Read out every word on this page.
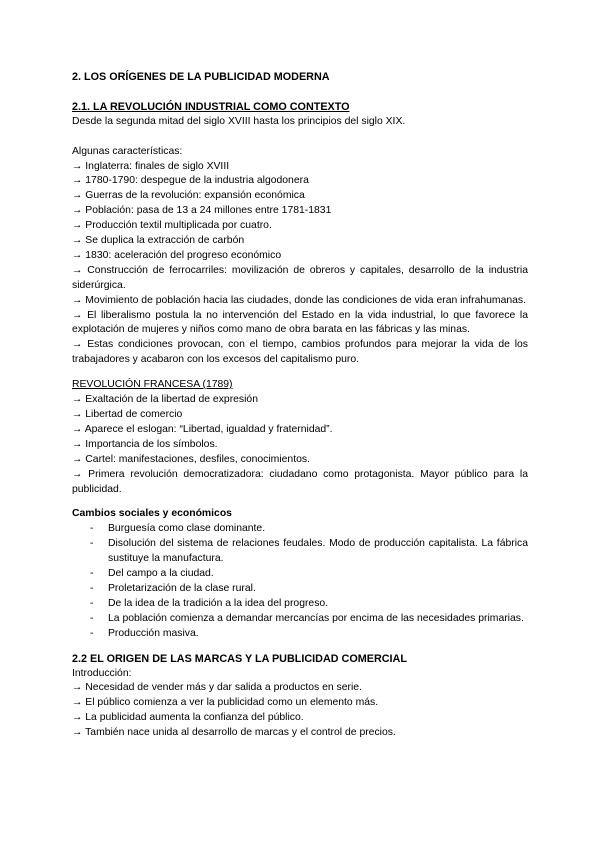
2. LOS ORÍGENES DE LA PUBLICIDAD MODERNA
2.1. LA REVOLUCIÓN INDUSTRIAL COMO CONTEXTO

Desde la segunda mitad del siglo XVIII hasta los principios del siglo XIX.

Algunas características:

→ Inglaterra: finales de siglo XVIII
→ 1780-1790: despegue de la industria algodonera
→ Guerras de la revolución: expansión económica
→ Población: pasa de 13 a 24 millones entre 1781-1831
→ Producción textil multiplicada por cuatro.
→ Se duplica la extracción de carbón
→ 1830: aceleración del progreso económico
→ Construcción de ferrocarriles: movilización de obreros y capitales, desarrollo de la industria siderúrgica.
→ Movimiento de población hacia las ciudades, donde las condiciones de vida eran infrahumanas.
→ El liberalismo postula la no intervención del Estado en la vida industrial, lo que favorece la explotación de mujeres y niños como mano de obra barata en las fábricas y las minas.
→ Estas condiciones provocan, con el tiempo, cambios profundos para mejorar la vida de los trabajadores y acabaron con los excesos del capitalismo puro.

REVOLUCIÓN FRANCESA (1789)

→ Exaltación de la libertad de expresión
→ Libertad de comercio
→ Aparece el eslogan: “Libertad, igualdad y fraternidad”.
→ Importancia de los símbolos.
→ Cartel: manifestaciones, desfiles, conocimientos.
→ Primera revolución democratizadora: ciudadano como protagonista. Mayor público para la publicidad.

Cambios sociales y económicos

- Burguesía como clase dominante.
- Disolución del sistema de relaciones feudales. Modo de producción capitalista. La fábrica sustituye la manufactura.
- Del campo a la ciudad.
- Proletarización de la clase rural.
- De la idea de la tradición a la idea del progreso.
- La población comienza a demandar mercancías por encima de las necesidades primarias.
- Producción masiva.
2.2 EL ORIGEN DE LAS MARCAS Y LA PUBLICIDAD COMERCIAL

Introducción:

→ Necesidad de vender más y dar salida a productos en serie.
→ El público comienza a ver la publicidad como un elemento más.
→ La publicidad aumenta la confianza del público.
→ También nace unida al desarrollo de marcas y el control de precios.
